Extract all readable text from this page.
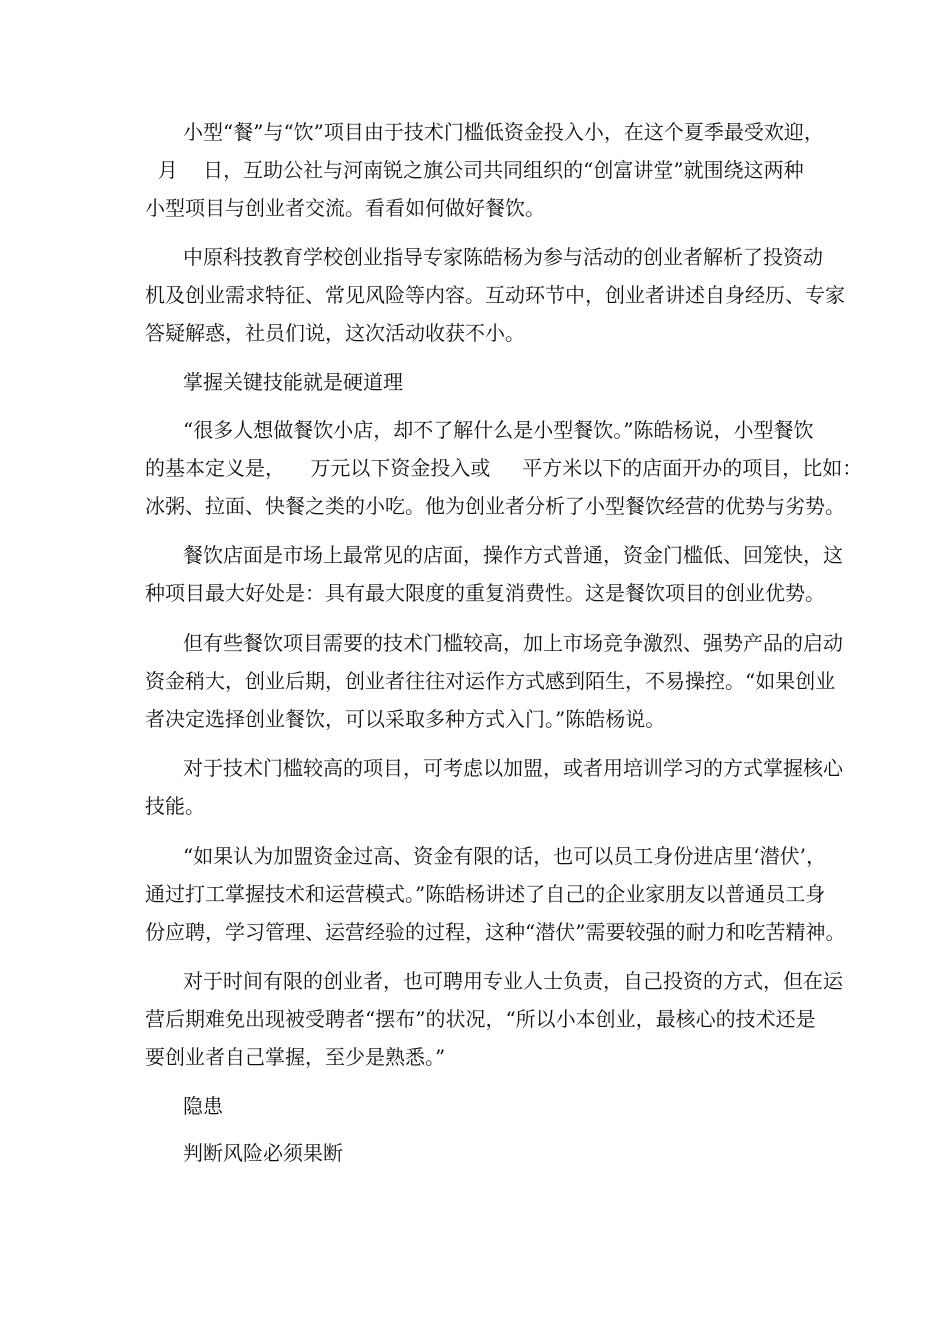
小型“餐”与“饮”项目由于技术门槛低资金投入小，在这个夏季最受欢迎，
月    日，互助公社与河南锐之旗公司共同组织的“创富讲堂”就围绕这两种
小型项目与创业者交流。看看如何做好餐饮。
中原科技教育学校创业指导专家陈皓杨为参与活动的创业者解析了投资动
机及创业需求特征、常见风险等内容。互动环节中，创业者讲述自身经历、专家
答疑解惑，社员们说，这次活动收获不小。
掌握关键技能就是硬道理
“很多人想做餐饮小店，却不了解什么是小型餐饮。”陈皓杨说，小型餐饮
的基本定义是，    万元以下资金投入或     平方米以下的店面开办的项目，比如：
冰粥、拉面、快餐之类的小吃。他为创业者分析了小型餐饮经营的优势与劣势。
餐饮店面是市场上最常见的店面，操作方式普通，资金门槛低、回笼快，这
种项目最大好处是：具有最大限度的重复消费性。这是餐饮项目的创业优势。
但有些餐饮项目需要的技术门槛较高，加上市场竞争激烈、强势产品的启动
资金稍大，创业后期，创业者往往对运作方式感到陌生，不易操控。“如果创业
者决定选择创业餐饮，可以采取多种方式入门。”陈皓杨说。
对于技术门槛较高的项目，可考虑以加盟，或者用培训学习的方式掌握核心
技能。
“如果认为加盟资金过高、资金有限的话，也可以员工身份进店里‘潜伏’，
通过打工掌握技术和运营模式。”陈皓杨讲述了自己的企业家朋友以普通员工身
份应聘，学习管理、运营经验的过程，这种“潜伏”需要较强的耐力和吃苦精神。
对于时间有限的创业者，也可聘用专业人士负责，自己投资的方式，但在运
营后期难免出现被受聘者“摆布”的状况，“所以小本创业，最核心的技术还是
要创业者自己掌握，至少是熟悉。”
隐患
判断风险必须果断
